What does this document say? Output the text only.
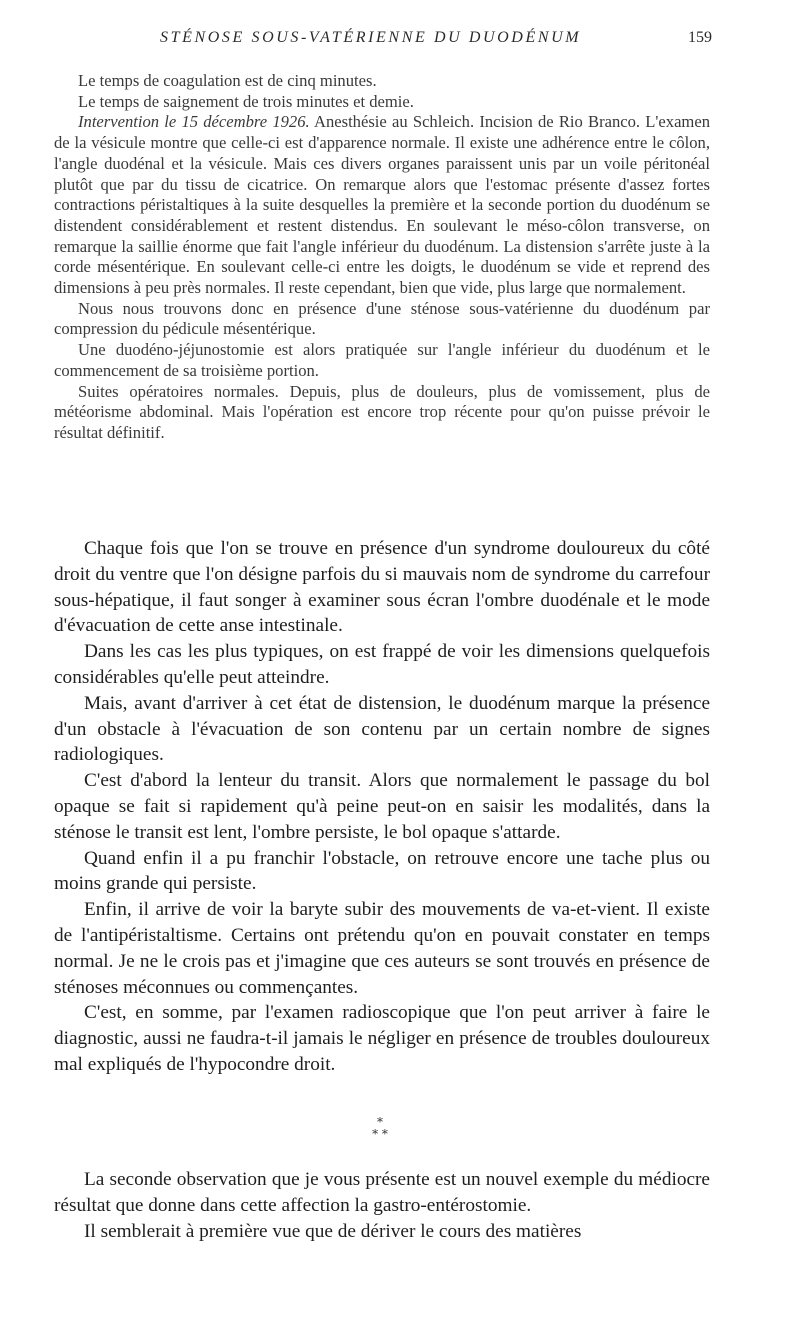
STÉNOSE SOUS-VATÉRIENNE DU DUODÉNUM	159

Le temps de coagulation est de cinq minutes.

Le temps de saignement de trois minutes et demie.

Intervention le 15 décembre 1926. Anesthésie au Schleich. Incision de Rio Branco. L'examen de la vésicule montre que celle-ci est d'apparence normale. Il existe une adhérence entre le côlon, l'angle duodénal et la vésicule. Mais ces divers organes paraissent unis par un voile péritonéal plutôt que par du tissu de cicatrice. On remarque alors que l'estomac présente d'assez fortes contractions péristaltiques à la suite desquelles la première et la seconde portion du duodénum se distendent considérablement et restent distendus. En soulevant le méso-côlon transverse, on remarque la saillie énorme que fait l'angle inférieur du duodénum. La distension s'arrête juste à la corde mésentérique. En soulevant celle-ci entre les doigts, le duodénum se vide et reprend des dimensions à peu près normales. Il reste cependant, bien que vide, plus large que normalement.

Nous nous trouvons donc en présence d'une sténose sous-vatérienne du duodénum par compression du pédicule mésentérique.

Une duodéno-jéjunostomie est alors pratiquée sur l'angle inférieur du duodénum et le commencement de sa troisième portion.

Suites opératoires normales. Depuis, plus de douleurs, plus de vomissement, plus de météorisme abdominal. Mais l'opération est encore trop récente pour qu'on puisse prévoir le résultat définitif.

Chaque fois que l'on se trouve en présence d'un syndrome douloureux du côté droit du ventre que l'on désigne parfois du si mauvais nom de syndrome du carrefour sous-hépatique, il faut songer à examiner sous écran l'ombre duodénale et le mode d'évacuation de cette anse intestinale.

Dans les cas les plus typiques, on est frappé de voir les dimensions quelquefois considérables qu'elle peut atteindre.

Mais, avant d'arriver à cet état de distension, le duodénum marque la présence d'un obstacle à l'évacuation de son contenu par un certain nombre de signes radiologiques.

C'est d'abord la lenteur du transit. Alors que normalement le passage du bol opaque se fait si rapidement qu'à peine peut-on en saisir les modalités, dans la sténose le transit est lent, l'ombre persiste, le bol opaque s'attarde.

Quand enfin il a pu franchir l'obstacle, on retrouve encore une tache plus ou moins grande qui persiste.

Enfin, il arrive de voir la baryte subir des mouvements de va-et-vient. Il existe de l'antipéristaltisme. Certains ont prétendu qu'on en pouvait constater en temps normal. Je ne le crois pas et j'imagine que ces auteurs se sont trouvés en présence de sténoses méconnues ou commençantes.

C'est, en somme, par l'examen radioscopique que l'on peut arriver à faire le diagnostic, aussi ne faudra-t-il jamais le négliger en présence de troubles douloureux mal expliqués de l'hypocondre droit.

*
* *

La seconde observation que je vous présente est un nouvel exemple du médiocre résultat que donne dans cette affection la gastro-entérostomie.

Il semblerait à première vue que de dériver le cours des matières
